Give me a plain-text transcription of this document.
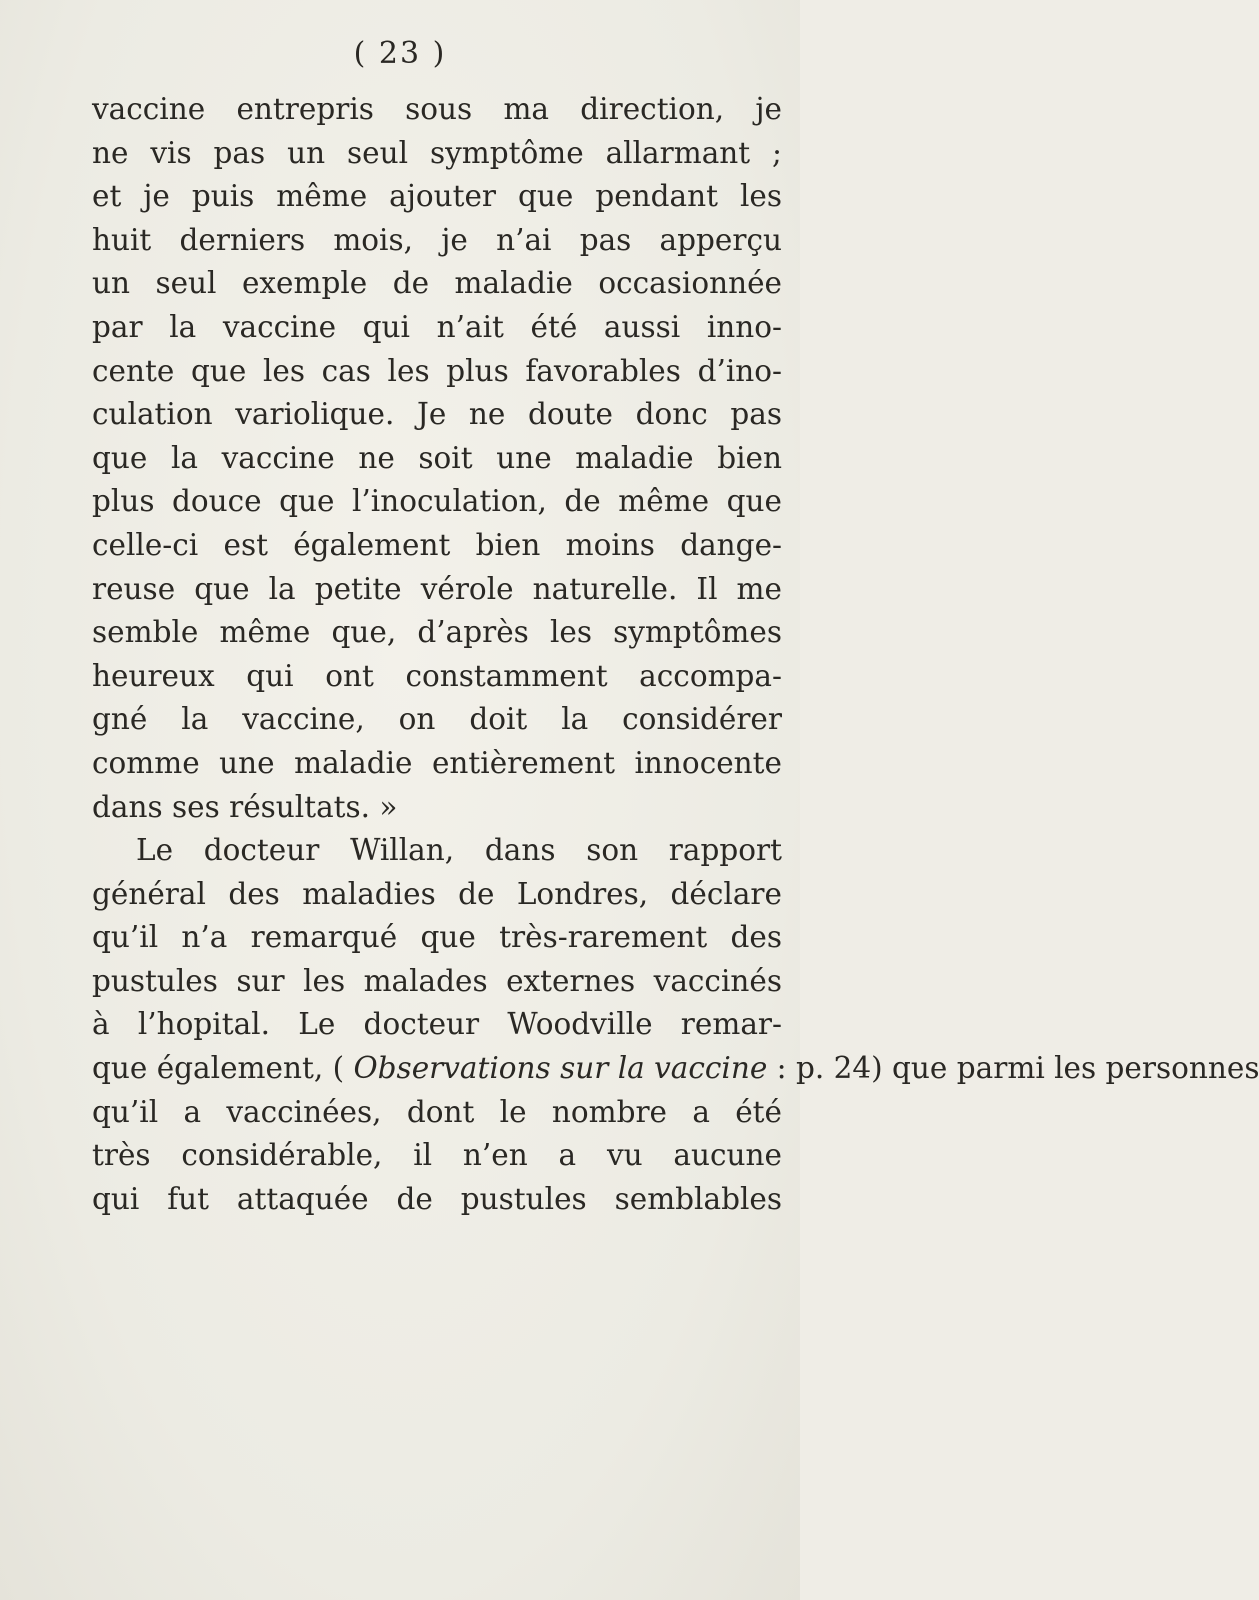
( 23 )
vaccine entrepris sous ma direction, je
ne vis pas un seul symptôme allarmant ;
et je puis même ajouter que pendant les
huit derniers mois, je n’ai pas apperçu
un seul exemple de maladie occasionnée
par la vaccine qui n’ait été aussi inno-
cente que les cas les plus favorables d’ino-
culation variolique. Je ne doute donc pas
que la vaccine ne soit une maladie bien
plus douce que l’inoculation, de même que
celle-ci est également bien moins dange-
reuse que la petite vérole naturelle. Il me
semble même que, d’après les symptômes
heureux qui ont constamment accompa-
gné la vaccine, on doit la considérer
comme une maladie entièrement innocente
dans ses résultats. »
Le docteur Willan, dans son rapport
général des maladies de Londres, déclare
qu’il n’a remarqué que très-rarement des
pustules sur les malades externes vaccinés
à l’hopital. Le docteur Woodville remar-
que également, ( Observations sur la vaccine : p. 24) que parmi les personnes
qu’il a vaccinées, dont le nombre a été
très considérable, il n’en a vu aucune
qui fut attaquée de pustules semblables
